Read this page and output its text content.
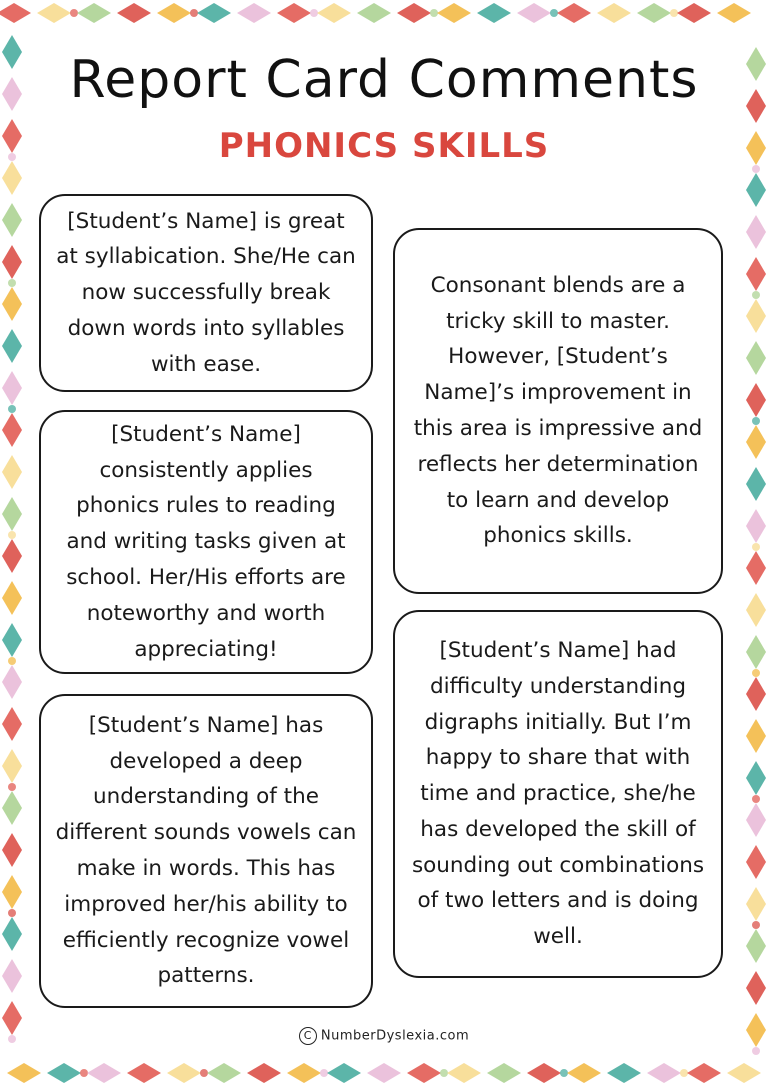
Report Card Comments
PHONICS SKILLS
[Student’s Name] is great at syllabication. She/He can now successfully break down words into syllables with ease.
[Student’s Name] consistently applies phonics rules to reading and writing tasks given at school. Her/His efforts are noteworthy and worth appreciating!
[Student’s Name] has developed a deep understanding of the different sounds vowels can make in words. This has improved her/his ability to efficiently recognize vowel patterns.
Consonant blends are a tricky skill to master. However, [Student’s Name]’s improvement in this area is impressive and reflects her determination to learn and develop phonics skills.
[Student’s Name] had difficulty understanding digraphs initially. But I’m happy to share that with time and practice, she/he has developed the skill of sounding out combinations of two letters and is doing well.
C NumberDyslexia.com
